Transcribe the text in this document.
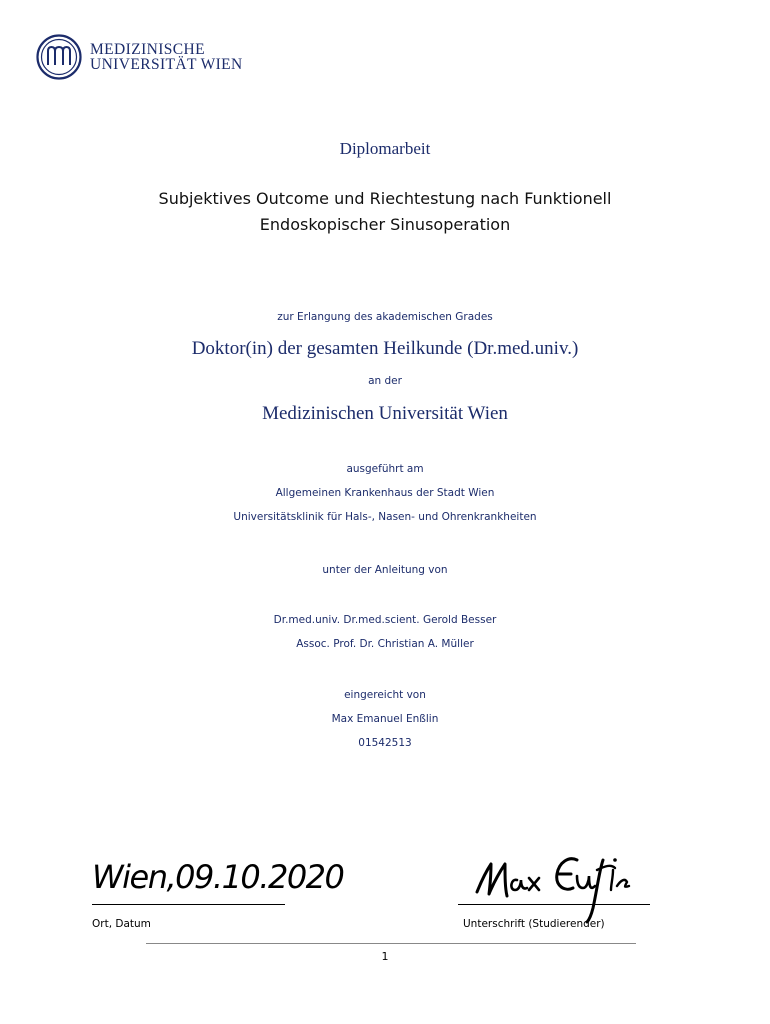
MEDIZINISCHE
UNIVERSITÄT WIEN
Diplomarbeit
Subjektives Outcome und Riechtestung nach Funktionell
Endoskopischer Sinusoperation
zur Erlangung des akademischen Grades
Doktor(in) der gesamten Heilkunde (Dr.med.univ.)
an der
Medizinischen Universität Wien
ausgeführt am
Allgemeinen Krankenhaus der Stadt Wien
Universitätsklinik für Hals-, Nasen- und Ohrenkrankheiten
unter der Anleitung von
Dr.med.univ. Dr.med.scient. Gerold Besser
Assoc. Prof. Dr. Christian A. Müller
eingereicht von
Max Emanuel Enßlin
01542513
Wien,09.10.2020
Ort, Datum	Unterschrift (Studierender)
1
